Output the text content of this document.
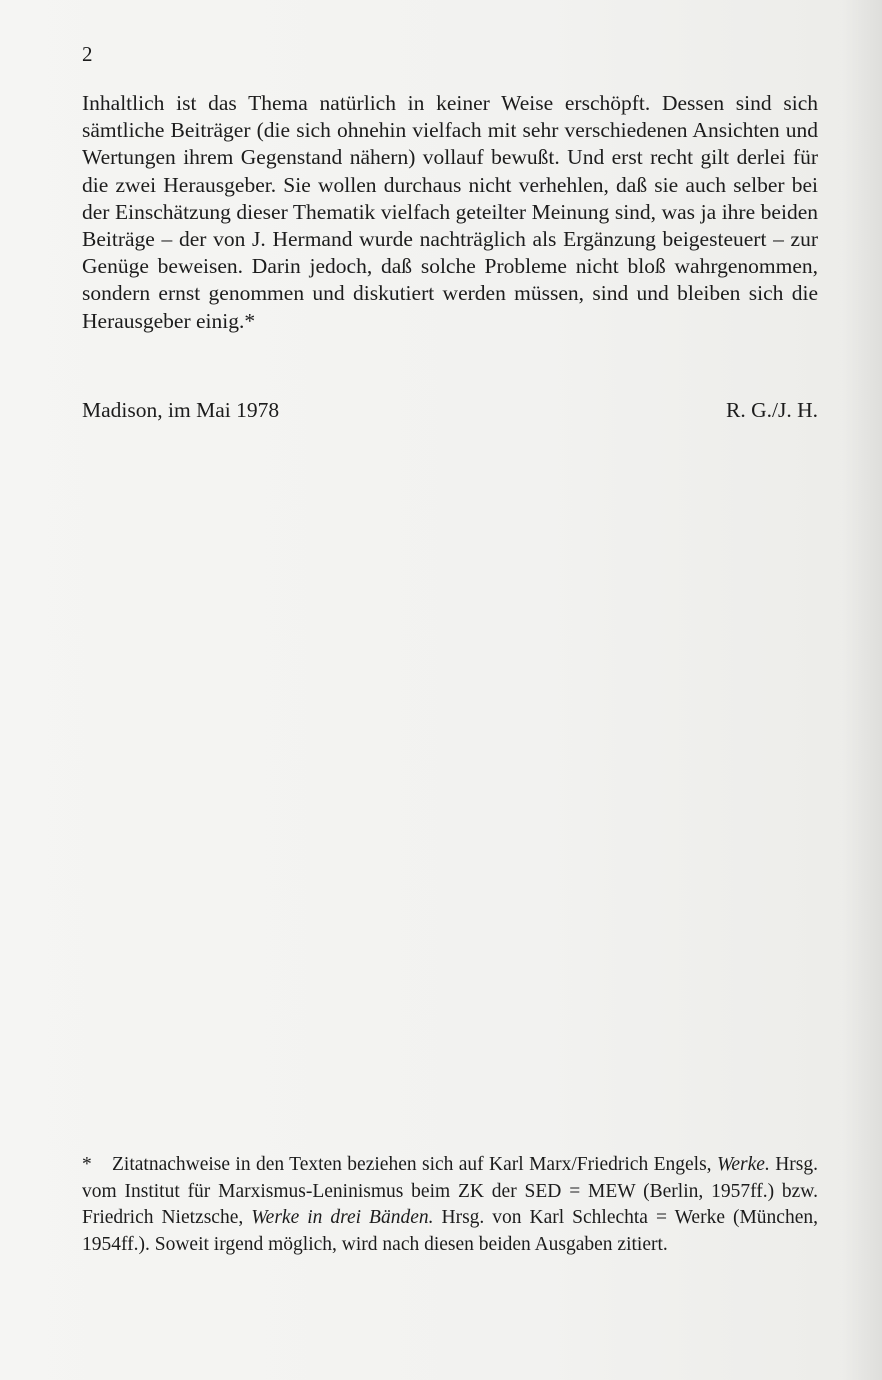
2

Inhaltlich ist das Thema natürlich in keiner Weise erschöpft. Dessen sind sich sämtliche Beiträger (die sich ohnehin vielfach mit sehr verschiedenen Ansichten und Wertungen ihrem Gegenstand nähern) vollauf bewußt. Und erst recht gilt derlei für die zwei Herausgeber. Sie wollen durchaus nicht verhehlen, daß sie auch selber bei der Einschätzung dieser Thematik vielfach geteilter Meinung sind, was ja ihre beiden Beiträge – der von J. Hermand wurde nachträglich als Ergänzung beigesteuert – zur Genüge beweisen. Darin jedoch, daß solche Probleme nicht bloß wahrgenommen, sondern ernst genommen und diskutiert werden müssen, sind und bleiben sich die Herausgeber einig.*

Madison, im Mai 1978	R. G./J. H.

* Zitatnachweise in den Texten beziehen sich auf Karl Marx/Friedrich Engels, Werke. Hrsg. vom Institut für Marxismus-Leninismus beim ZK der SED = MEW (Berlin, 1957ff.) bzw. Friedrich Nietzsche, Werke in drei Bänden. Hrsg. von Karl Schlechta = Werke (München, 1954ff.). Soweit irgend möglich, wird nach diesen beiden Ausgaben zitiert.
